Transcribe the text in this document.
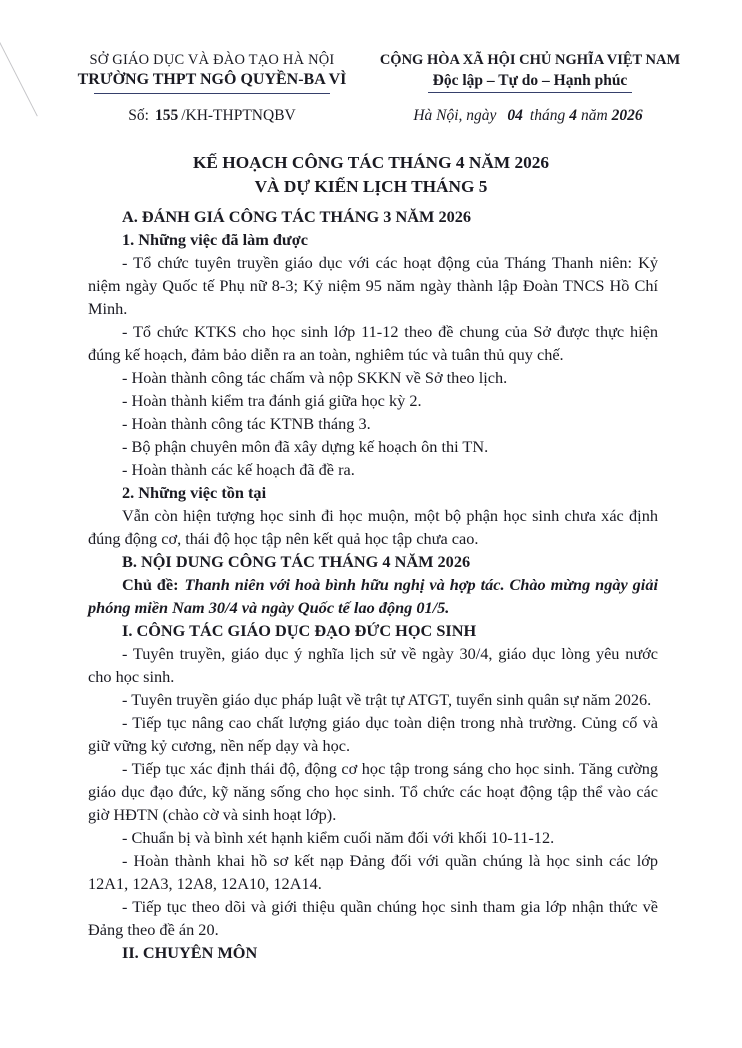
SỞ GIÁO DỤC VÀ ĐÀO TẠO HÀ NỘI
TRƯỜNG THPT NGÔ QUYỀN-BA VÌ
CỘNG HÒA XÃ HỘI CHỦ NGHĨA VIỆT NAM
Độc lập – Tự do – Hạnh phúc
Số: 155 /KH-THPTNQBV	Hà Nội, ngày 04 tháng 4 năm 2026
KẾ HOẠCH CÔNG TÁC THÁNG 4 NĂM 2026
VÀ DỰ KIẾN LỊCH THÁNG 5

A. ĐÁNH GIÁ CÔNG TÁC THÁNG 3 NĂM 2026

1. Những việc đã làm được

- Tổ chức tuyên truyền giáo dục với các hoạt động của Tháng Thanh niên: Kỷ niệm ngày Quốc tế Phụ nữ 8-3; Kỷ niệm 95 năm ngày thành lập Đoàn TNCS Hồ Chí Minh.

- Tổ chức KTKS cho học sinh lớp 11-12 theo đề chung của Sở được thực hiện đúng kế hoạch, đảm bảo diễn ra an toàn, nghiêm túc và tuân thủ quy chế.

- Hoàn thành công tác chấm và nộp SKKN về Sở theo lịch.

- Hoàn thành kiểm tra đánh giá giữa học kỳ 2.

- Hoàn thành công tác KTNB tháng 3.

- Bộ phận chuyên môn đã xây dựng kế hoạch ôn thi TN.

- Hoàn thành các kế hoạch đã đề ra.

2. Những việc tồn tại

Vẫn còn hiện tượng học sinh đi học muộn, một bộ phận học sinh chưa xác định đúng động cơ, thái độ học tập nên kết quả học tập chưa cao.

B. NỘI DUNG CÔNG TÁC THÁNG 4 NĂM 2026

Chủ đề: Thanh niên với hoà bình hữu nghị và hợp tác. Chào mừng ngày giải phóng miền Nam 30/4 và ngày Quốc tế lao động 01/5.

I. CÔNG TÁC GIÁO DỤC ĐẠO ĐỨC HỌC SINH

- Tuyên truyền, giáo dục ý nghĩa lịch sử về ngày 30/4, giáo dục lòng yêu nước cho học sinh.

- Tuyên truyền giáo dục pháp luật về trật tự ATGT, tuyển sinh quân sự năm 2026.

- Tiếp tục nâng cao chất lượng giáo dục toàn diện trong nhà trường. Củng cố và giữ vững kỷ cương, nền nếp dạy và học.

- Tiếp tục xác định thái độ, động cơ học tập trong sáng cho học sinh. Tăng cường giáo dục đạo đức, kỹ năng sống cho học sinh. Tổ chức các hoạt động tập thể vào các giờ HĐTN (chào cờ và sinh hoạt lớp).

- Chuẩn bị và bình xét hạnh kiểm cuối năm đối với khối 10-11-12.

- Hoàn thành khai hồ sơ kết nạp Đảng đối với quần chúng là học sinh các lớp 12A1, 12A3, 12A8, 12A10, 12A14.

- Tiếp tục theo dõi và giới thiệu quần chúng học sinh tham gia lớp nhận thức về Đảng theo đề án 20.

II. CHUYÊN MÔN
